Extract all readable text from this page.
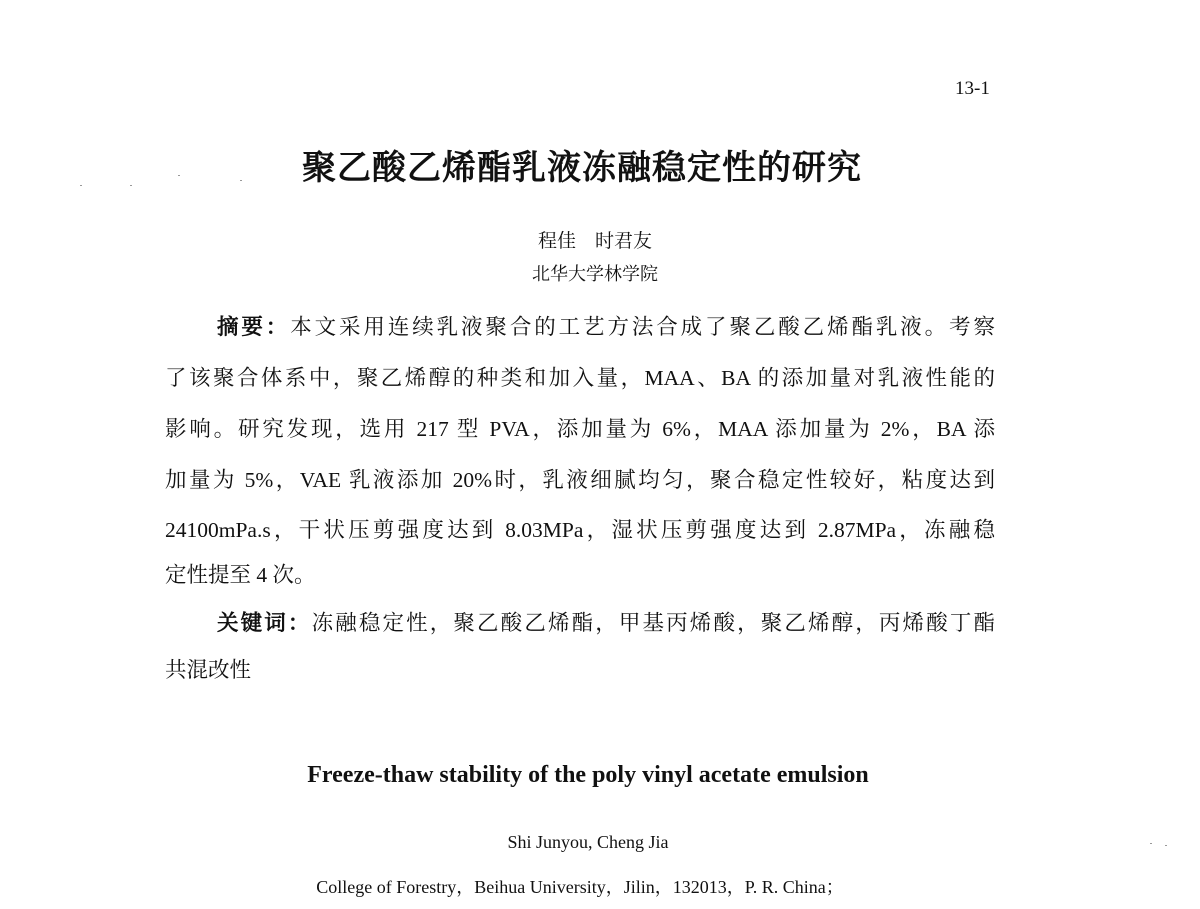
13-1
聚乙酸乙烯酯乳液冻融稳定性的研究
程佳　时君友
北华大学林学院
摘要：本文采用连续乳液聚合的工艺方法合成了聚乙酸乙烯酯乳液。考察
了该聚合体系中，聚乙烯醇的种类和加入量，MAA、BA 的添加量对乳液性能的
影响。研究发现，选用 217 型 PVA，添加量为 6%，MAA 添加量为 2%，BA 添
加量为 5%，VAE 乳液添加 20%时，乳液细腻均匀，聚合稳定性较好，粘度达到
24100mPa.s，干状压剪强度达到 8.03MPa，湿状压剪强度达到 2.87MPa，冻融稳
定性提至 4 次。
关键词：冻融稳定性，聚乙酸乙烯酯，甲基丙烯酸，聚乙烯醇，丙烯酸丁酯
共混改性
Freeze-thaw stability of the poly vinyl acetate emulsion
Shi Junyou, Cheng Jia
College of Forestry，Beihua University，Jilin，132013，P. R. China；
